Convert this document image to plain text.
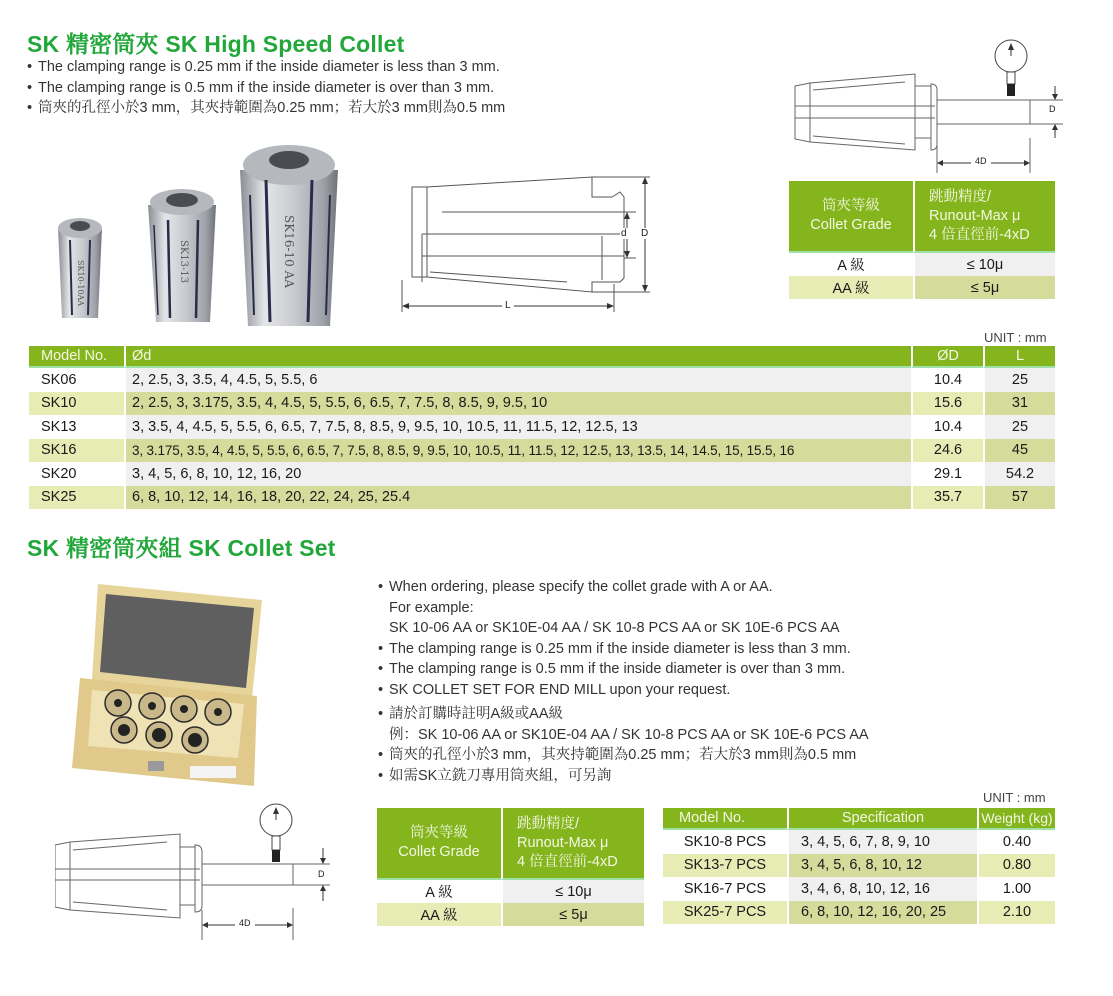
SK 精密筒夾 SK High Speed Collet
• The clamping range is 0.25 mm if the inside diameter is less than 3 mm.
• The clamping range is 0.5 mm if the inside diameter is over than 3 mm.
• 筒夾的孔徑小於3 mm，其夾持範圍為0.25 mm；若大於3 mm則為0.5 mm
SK10-10AA	SK13-13	SK16-10 AA	d D
L
D
4D
筒夾等級
Collet Grade

跳動精度/
Runout-Max μ
4 倍直徑前-4xD

A 級	≤ 10μ
AA 級	≤ 5μ
UNIT : mm
Model No.	Ød	ØD	L
SK06	2, 2.5, 3, 3.5, 4, 4.5, 5, 5.5, 6	10.4	25
SK10	2, 2.5, 3, 3.175, 3.5, 4, 4.5, 5, 5.5, 6, 6.5, 7, 7.5, 8, 8.5, 9, 9.5, 10	15.6	31
SK13	3, 3.5, 4, 4.5, 5, 5.5, 6, 6.5, 7, 7.5, 8, 8.5, 9, 9.5, 10, 10.5, 11, 11.5, 12, 12.5, 13	10.4	25
SK16	3, 3.175, 3.5, 4, 4.5, 5, 5.5, 6, 6.5, 7, 7.5, 8, 8.5, 9, 9.5, 10, 10.5, 11, 11.5, 12, 12.5, 13, 13.5, 14, 14.5, 15, 15.5, 16	24.6	45
SK20	3, 4, 5, 6, 8, 10, 12, 16, 20	29.1	54.2
SK25	6, 8, 10, 12, 14, 16, 18, 20, 22, 24, 25, 25.4	35.7	57
SK 精密筒夾組 SK Collet Set
• When ordering, please specify the collet grade with A or AA.
For example:
SK 10-06 AA or SK10E-04 AA / SK 10-8 PCS AA or SK 10E-6 PCS AA
• The clamping range is 0.25 mm if the inside diameter is less than 3 mm.
• The clamping range is 0.5 mm if the inside diameter is over than 3 mm.
• SK COLLET SET FOR END MILL upon your request.
• 請於訂購時註明A級或AA級
例：SK 10-06 AA or SK10E-04 AA / SK 10-8 PCS AA or SK 10E-6 PCS AA
• 筒夾的孔徑小於3 mm，其夾持範圍為0.25 mm；若大於3 mm則為0.5 mm
• 如需SK立銑刀專用筒夾組，可另詢
D
4D
筒夾等級
Collet Grade

跳動精度/
Runout-Max μ
4 倍直徑前-4xD

A 級	≤ 10μ
AA 級	≤ 5μ
UNIT : mm
Model No.	Specification	Weight (kg)
SK10-8 PCS	3, 4, 5, 6, 7, 8, 9, 10	0.40
SK13-7 PCS	3, 4, 5, 6, 8, 10, 12	0.80
SK16-7 PCS	3, 4, 6, 8, 10, 12, 16	1.00
SK25-7 PCS	6, 8, 10, 12, 16, 20, 25	2.10
